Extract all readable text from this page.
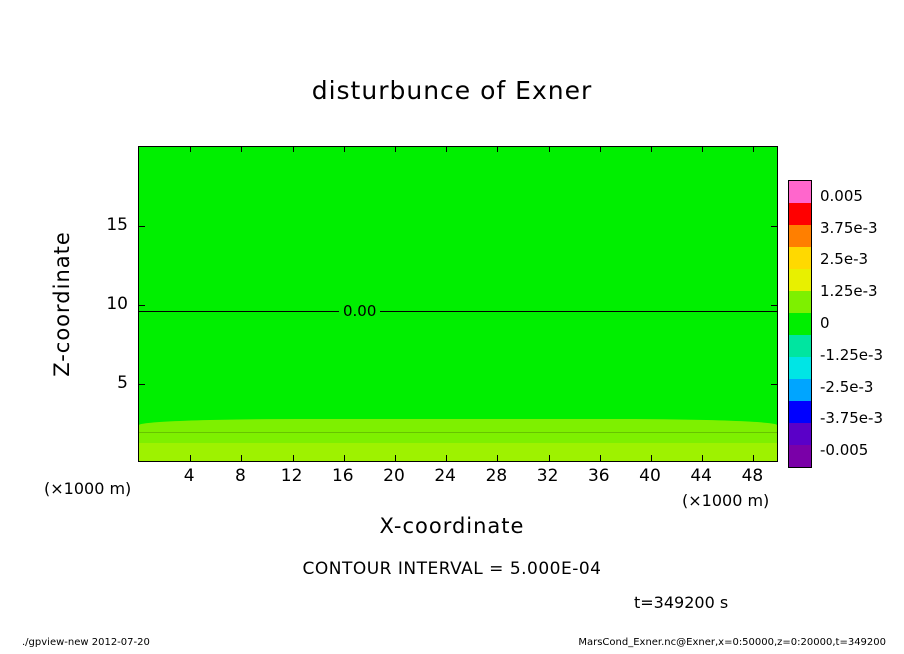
disturbunce of Exner
0.00
4 8 12 16 20 24 28 32 36 40 44 48
5
10
15
(×1000 m)
(×1000 m)
X-coordinate
Z-coordinate
0.005
3.75e-3
2.5e-3
1.25e-3
0
-1.25e-3
-2.5e-3
-3.75e-3
-0.005
CONTOUR INTERVAL = 5.000E-04
t=349200 s
./gpview-new 2012-07-20	MarsCond_Exner.nc@Exner,x=0:50000,z=0:20000,t=349200
